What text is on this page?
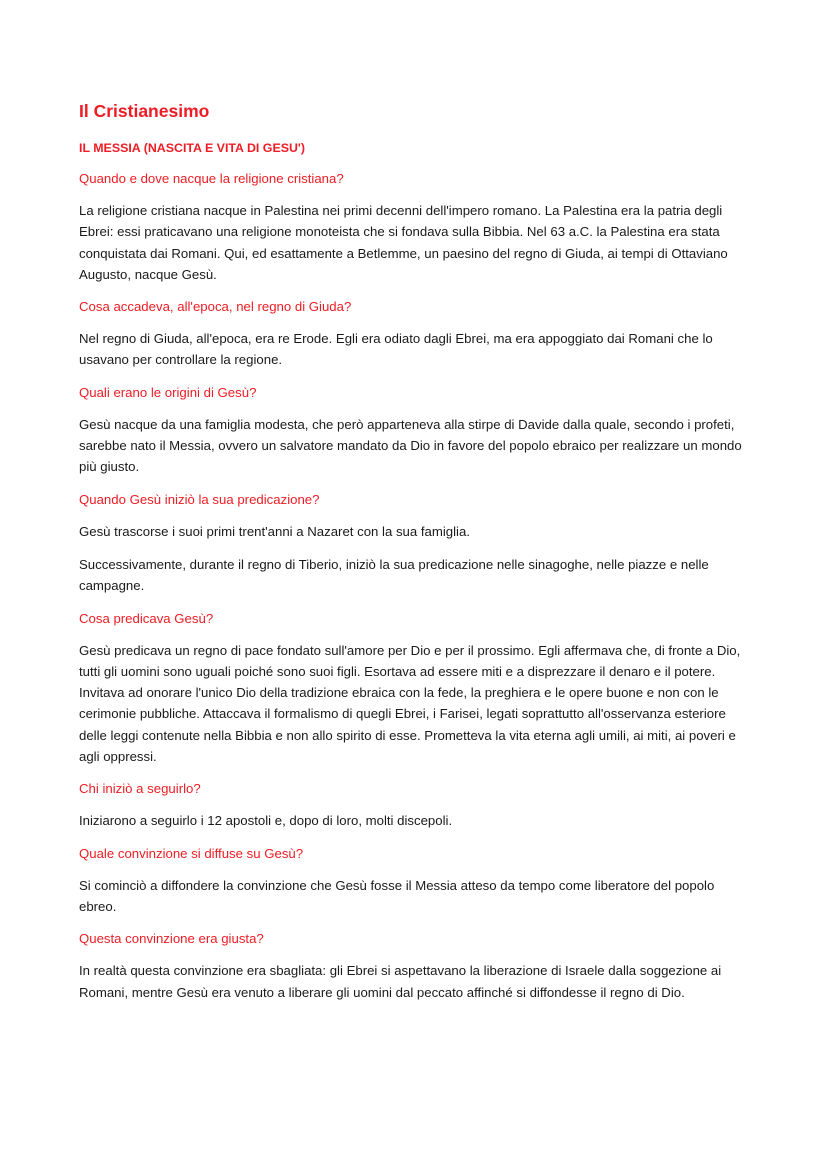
Il Cristianesimo
IL MESSIA (NASCITA E VITA DI GESU')

Quando e dove nacque la religione cristiana?

La religione cristiana nacque in Palestina nei primi decenni dell'impero romano. La Palestina era la patria degli Ebrei: essi praticavano una religione monoteista che si fondava sulla Bibbia. Nel 63 a.C. la Palestina era stata conquistata dai Romani. Qui, ed esattamente a Betlemme, un paesino del regno di Giuda, ai tempi di Ottaviano Augusto, nacque Gesù.

Cosa accadeva, all'epoca, nel regno di Giuda?

Nel regno di Giuda, all'epoca, era re Erode. Egli era odiato dagli Ebrei, ma era appoggiato dai Romani che lo usavano per controllare la regione.

Quali erano le origini di Gesù?

Gesù nacque da una famiglia modesta, che però apparteneva alla stirpe di Davide dalla quale, secondo i profeti, sarebbe nato il Messia, ovvero un salvatore mandato da Dio in favore del popolo ebraico per realizzare un mondo più giusto.

Quando Gesù iniziò la sua predicazione?

Gesù trascorse i suoi primi trent'anni a Nazaret con la sua famiglia.

Successivamente, durante il regno di Tiberio, iniziò la sua predicazione nelle sinagoghe, nelle piazze e nelle campagne.

Cosa predicava Gesù?

Gesù predicava un regno di pace fondato sull'amore per Dio e per il prossimo. Egli affermava che, di fronte a Dio, tutti gli uomini sono uguali poiché sono suoi figli. Esortava ad essere miti e a disprezzare il denaro e il potere. Invitava ad onorare l'unico Dio della tradizione ebraica con la fede, la preghiera e le opere buone e non con le cerimonie pubbliche. Attaccava il formalismo di quegli Ebrei, i Farisei, legati soprattutto all'osservanza esteriore delle leggi contenute nella Bibbia e non allo spirito di esse. Prometteva la vita eterna agli umili, ai miti, ai poveri e agli oppressi.

Chi iniziò a seguirlo?

Iniziarono a seguirlo i 12 apostoli e, dopo di loro, molti discepoli.

Quale convinzione si diffuse su Gesù?

Si cominciò a diffondere la convinzione che Gesù fosse il Messia atteso da tempo come liberatore del popolo ebreo.

Questa convinzione era giusta?

In realtà questa convinzione era sbagliata: gli Ebrei si aspettavano la liberazione di Israele dalla soggezione ai Romani, mentre Gesù era venuto a liberare gli uomini dal peccato affinché si diffondesse il regno di Dio.
